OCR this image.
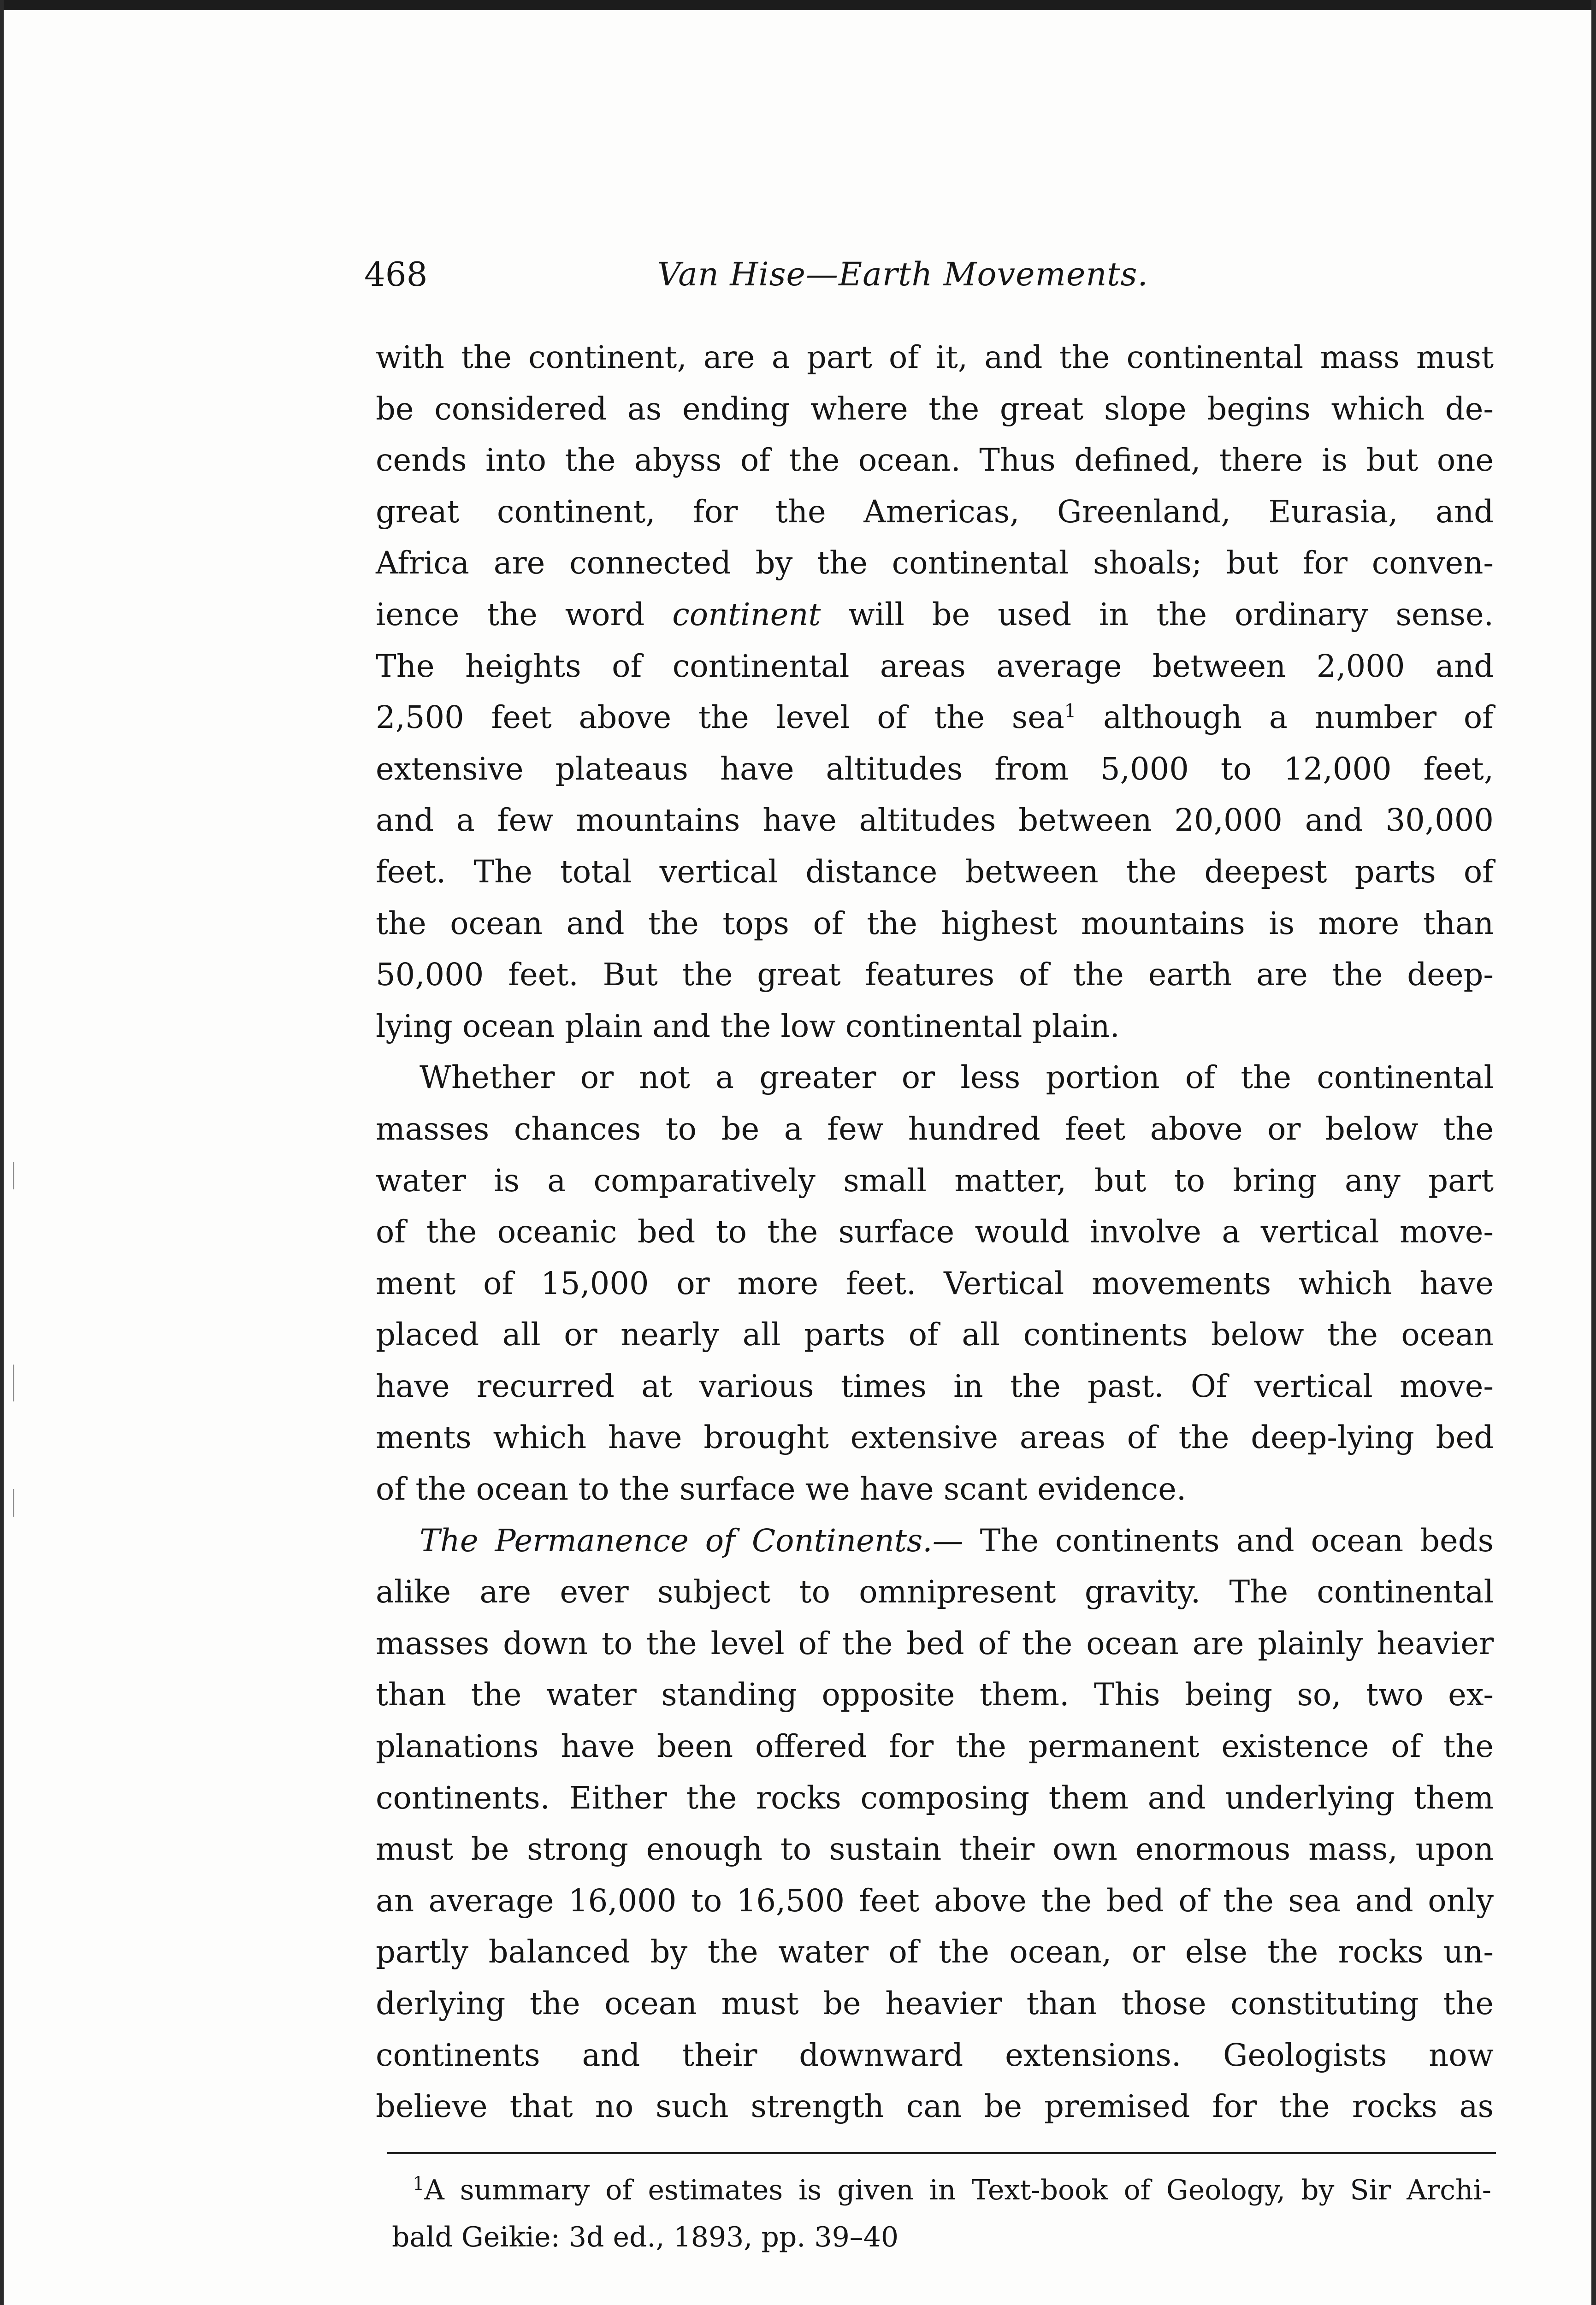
468	Van Hise—Earth Movements.
with the continent, are a part of it, and the continental mass must
be considered as ending where the great slope begins which de-
cends into the abyss of the ocean. Thus defined, there is but one
great continent, for the Americas, Greenland, Eurasia, and
Africa are connected by the continental shoals; but for conven-
ience the word continent will be used in the ordinary sense.
The heights of continental areas average between 2,000 and
2,500 feet above the level of the sea$^1$ although a number of
extensive plateaus have altitudes from 5,000 to 12,000 feet,
and a few mountains have altitudes between 20,000 and 30,000
feet. The total vertical distance between the deepest parts of
the ocean and the tops of the highest mountains is more than
50,000 feet. But the great features of the earth are the deep-
lying ocean plain and the low continental plain.
Whether or not a greater or less portion of the continental
masses chances to be a few hundred feet above or below the
water is a comparatively small matter, but to bring any part
of the oceanic bed to the surface would involve a vertical move-
ment of 15,000 or more feet. Vertical movements which have
placed all or nearly all parts of all continents below the ocean
have recurred at various times in the past. Of vertical move-
ments which have brought extensive areas of the deep-lying bed
of the ocean to the surface we have scant evidence.
The Permanence of Continents.— The continents and ocean beds
alike are ever subject to omnipresent gravity. The continental
masses down to the level of the bed of the ocean are plainly heavier
than the water standing opposite them. This being so, two ex-
planations have been offered for the permanent existence of the
continents. Either the rocks composing them and underlying them
must be strong enough to sustain their own enormous mass, upon
an average 16,000 to 16,500 feet above the bed of the sea and only
partly balanced by the water of the ocean, or else the rocks un-
derlying the ocean must be heavier than those constituting the
continents and their downward extensions. Geologists now
believe that no such strength can be premised for the rocks as
$^1$A summary of estimates is given in Text-book of Geology, by Sir Archi-
bald Geikie: 3d ed., 1893, pp. 39–40
